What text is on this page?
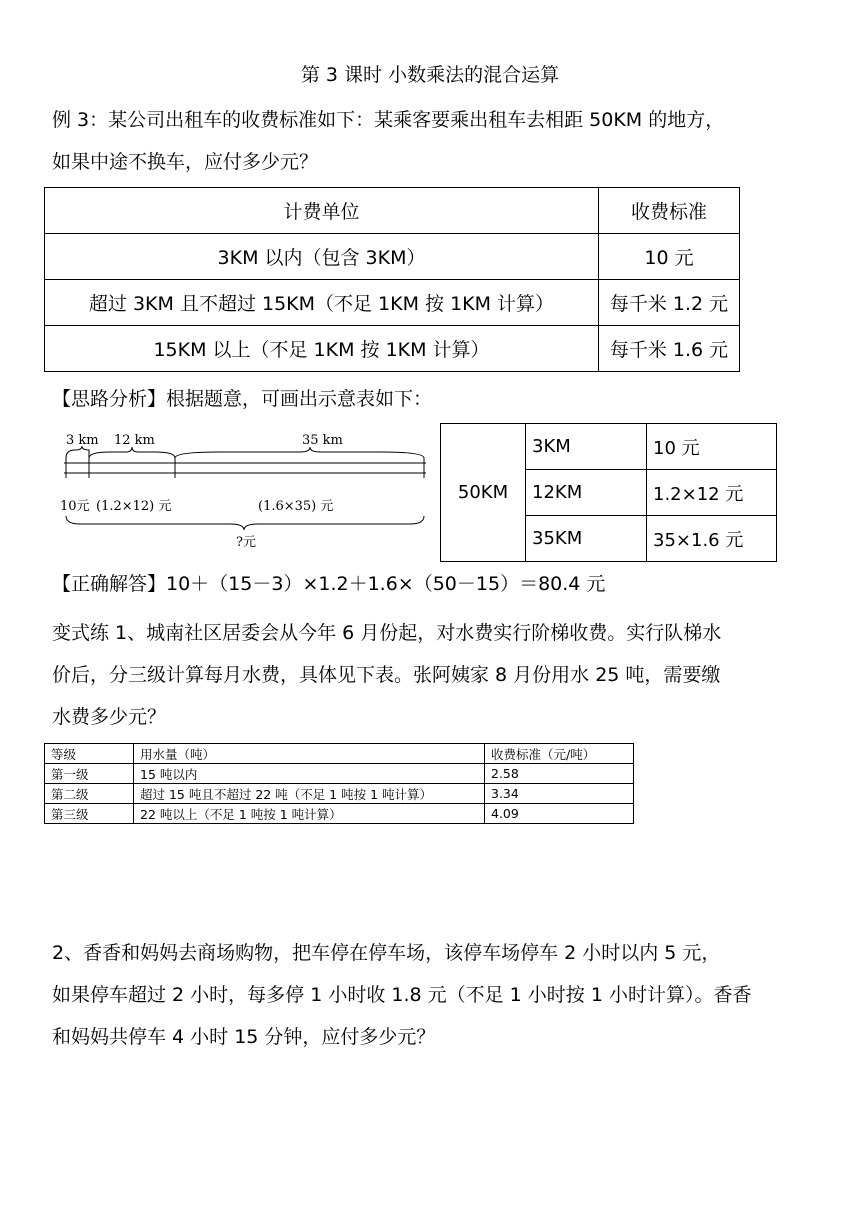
第 3 课时 小数乘法的混合运算
例 3：某公司出租车的收费标准如下：某乘客要乘出租车去相距 50KM 的地方，
如果中途不换车，应付多少元？
计费单位	收费标准
3KM 以内（包含 3KM）	10 元
超过 3KM 且不超过 15KM（不足 1KM 按 1KM 计算）	每千米 1.2 元
15KM 以上（不足 1KM 按 1KM 计算）	每千米 1.6 元
【思路分析】根据题意，可画出示意表如下：
3 km 12 km	35 km
10元 (1.2×12) 元	(1.6×35) 元
?元
50KM	3KM	10 元
	12KM	1.2×12 元
	35KM	35×1.6 元
【正确解答】10＋（15－3）×1.2＋1.6×（50－15）＝80.4 元
变式练 1、城南社区居委会从今年 6 月份起，对水费实行阶梯收费。实行队梯水
价后，分三级计算每月水费，具体见下表。张阿姨家 8 月份用水 25 吨，需要缴
水费多少元？
等级	用水量（吨）	收费标准（元/吨）
第一级	15 吨以内	2.58
第二级	超过 15 吨且不超过 22 吨（不足 1 吨按 1 吨计算）	3.34
第三级	22 吨以上（不足 1 吨按 1 吨计算）	4.09
2、香香和妈妈去商场购物，把车停在停车场，该停车场停车 2 小时以内 5 元，
如果停车超过 2 小时，每多停 1 小时收 1.8 元（不足 1 小时按 1 小时计算）。香香
和妈妈共停车 4 小时 15 分钟，应付多少元？
